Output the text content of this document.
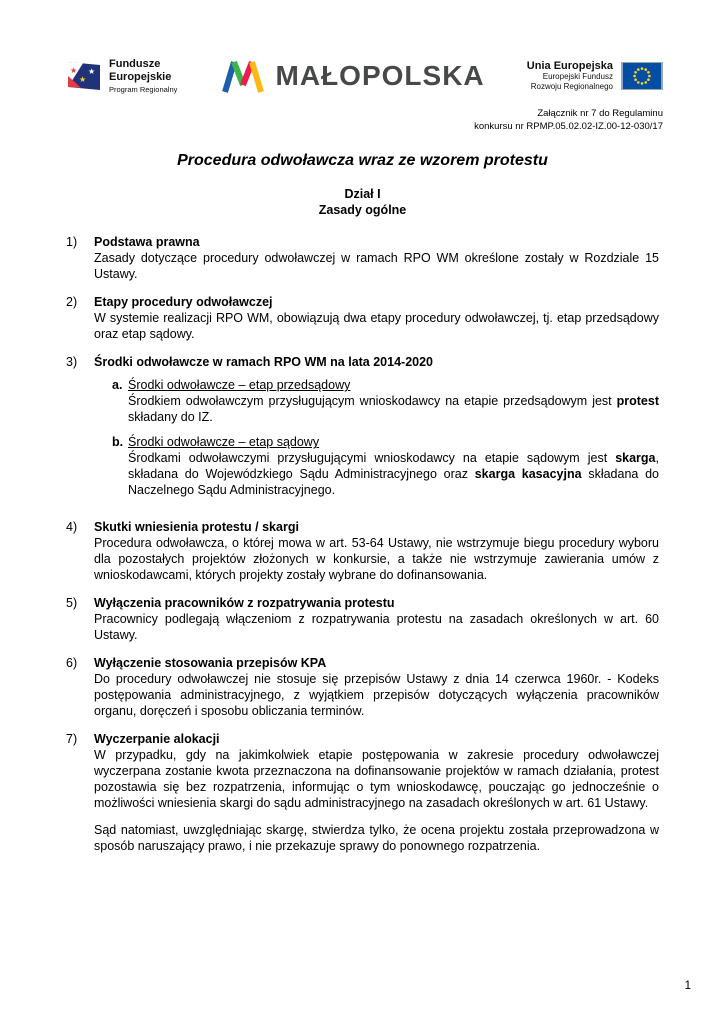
★
★
★
Fundusze
Europejskie
Program Regionalny	MAŁOPOLSKA	Unia Europejska
Europejski Fundusz
Rozwoju Regionalnego
Załącznik nr 7 do Regulaminu
konkursu nr RPMP.05.02.02-IZ.00-12-030/17
Procedura odwoławcza wraz ze wzorem protestu
Dział I
Zasady ogólne
1)	Podstawa prawna
Zasady dotyczące procedury odwoławczej w ramach RPO WM określone zostały w Rozdziale 15 Ustawy.
2)	Etapy procedury odwoławczej
W systemie realizacji RPO WM, obowiązują dwa etapy procedury odwoławczej, tj. etap przedsądowy oraz etap sądowy.
3)	Środki odwoławcze w ramach RPO WM na lata 2014-2020
a. Środki odwoławcze – etap przedsądowy
Środkiem odwoławczym przysługującym wnioskodawcy na etapie przedsądowym jest protest składany do IZ.
b. Środki odwoławcze – etap sądowy
Środkami odwoławczymi przysługującymi wnioskodawcy na etapie sądowym jest skarga, składana do Wojewódzkiego Sądu Administracyjnego oraz skarga kasacyjna składana do Naczelnego Sądu Administracyjnego.
4)	Skutki wniesienia protestu / skargi
Procedura odwoławcza, o której mowa w art. 53-64 Ustawy, nie wstrzymuje biegu procedury wyboru dla pozostałych projektów złożonych w konkursie, a także nie wstrzymuje zawierania umów z wnioskodawcami, których projekty zostały wybrane do dofinansowania.
5)	Wyłączenia pracowników z rozpatrywania protestu
Pracownicy podlegają włączeniom z rozpatrywania protestu na zasadach określonych w art. 60 Ustawy.
6)	Wyłączenie stosowania przepisów KPA
Do procedury odwoławczej nie stosuje się przepisów Ustawy z dnia 14 czerwca 1960r. - Kodeks postępowania administracyjnego, z wyjątkiem przepisów dotyczących wyłączenia pracowników organu, doręczeń i sposobu obliczania terminów.
7)	Wyczerpanie alokacji
W przypadku, gdy na jakimkolwiek etapie postępowania w zakresie procedury odwoławczej wyczerpana zostanie kwota przeznaczona na dofinansowanie projektów w ramach działania, protest pozostawia się bez rozpatrzenia, informując o tym wnioskodawcę, pouczając go jednocześnie o możliwości wniesienia skargi do sądu administracyjnego na zasadach określonych w art. 61 Ustawy.
Sąd natomiast, uwzględniając skargę, stwierdza tylko, że ocena projektu została przeprowadzona w sposób naruszający prawo, i nie przekazuje sprawy do ponownego rozpatrzenia.
1
